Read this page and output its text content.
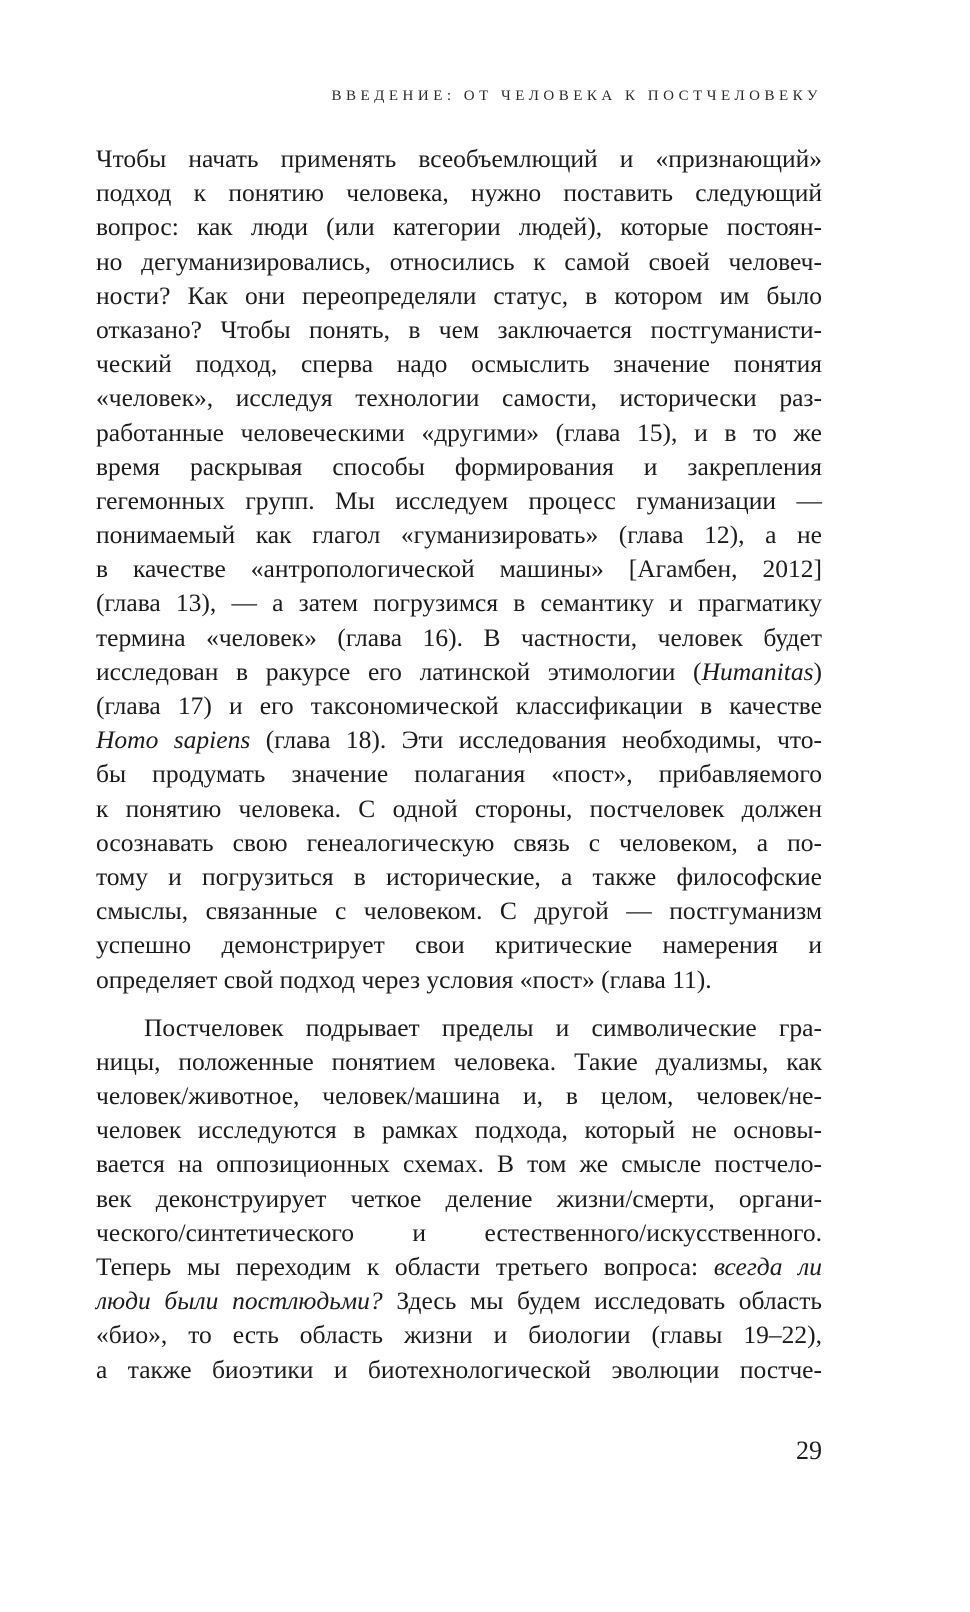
ВВЕДЕНИЕ: ОТ ЧЕЛОВЕКА К ПОСТЧЕЛОВЕКУ
Чтобы начать применять всеобъемлющий и «признающий»
подход к понятию человека, нужно поставить следующий
вопрос: как люди (или категории людей), которые постоян-
но дегуманизировались, относились к самой своей человеч-
ности? Как они переопределяли статус, в котором им было
отказано? Чтобы понять, в чем заключается постгуманисти-
ческий подход, сперва надо осмыслить значение понятия
«человек», исследуя технологии самости, исторически раз-
работанные человеческими «другими» (глава 15), и в то же
время раскрывая способы формирования и закрепления
гегемонных групп. Мы исследуем процесс гуманизации —
понимаемый как глагол «гуманизировать» (глава 12), а не
в качестве «антропологической машины» [Агамбен, 2012]
(глава 13), — а затем погрузимся в семантику и прагматику
термина «человек» (глава 16). В частности, человек будет
исследован в ракурсе его латинской этимологии (Humanitas)
(глава 17) и его таксономической классификации в качестве
Homo sapiens (глава 18). Эти исследования необходимы, что-
бы продумать значение полагания «пост», прибавляемого
к понятию человека. С одной стороны, постчеловек должен
осознавать свою генеалогическую связь с человеком, а по-
тому и погрузиться в исторические, а также философские
смыслы, связанные с человеком. С другой — постгуманизм
успешно демонстрирует свои критические намерения и
определяет свой подход через условия «пост» (глава 11).
Постчеловек подрывает пределы и символические гра-
ницы, положенные понятием человека. Такие дуализмы, как
человек/животное, человек/машина и, в целом, человек/не-
человек исследуются в рамках подхода, который не основы-
вается на оппозиционных схемах. В том же смысле постчело-
век деконструирует четкое деление жизни/смерти, органи-
ческого/синтетического и естественного/искусственного.
Теперь мы переходим к области третьего вопроса: всегда ли
люди были постлюдьми? Здесь мы будем исследовать область
«био», то есть область жизни и биологии (главы 19–22),
а также биоэтики и биотехнологической эволюции постче-
29
